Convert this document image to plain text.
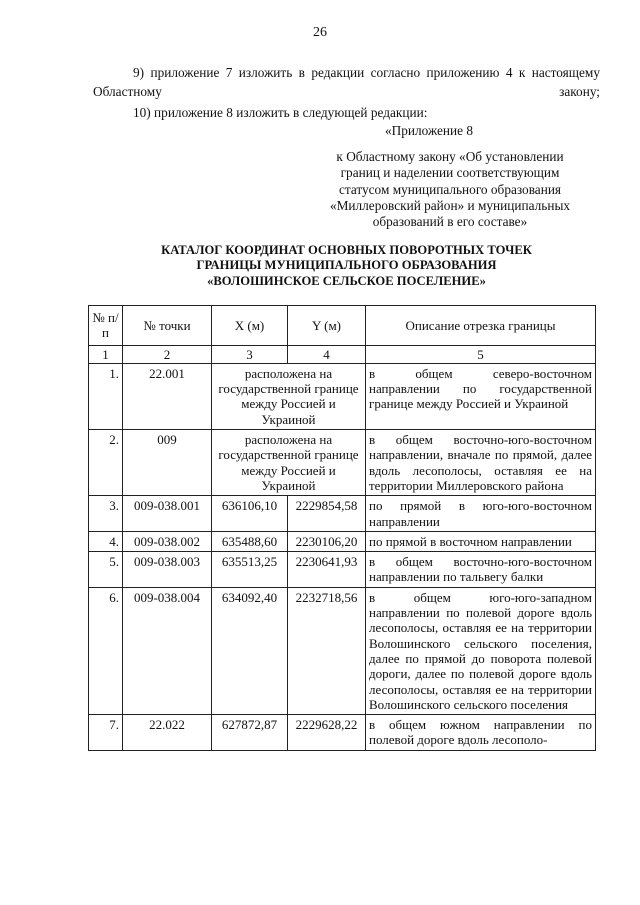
26

9) приложение 7 изложить в редакции согласно приложению 4 к настоящему Областному закону;

10) приложение 8 изложить в следующей редакции:

«Приложение 8
к Областному закону «Об установлении
границ и наделении соответствующим
статусом муниципального образования
«Миллеровский район» и муниципальных
образований в его составе»
КАТАЛОГ КООРДИНАТ ОСНОВНЫХ ПОВОРОТНЫХ ТОЧЕК
ГРАНИЦЫ МУНИЦИПАЛЬНОГО ОБРАЗОВАНИЯ
«ВОЛОШИНСКОЕ СЕЛЬСКОЕ ПОСЕЛЕНИЕ»
№ п/п	№ точки	X (м)	Y (м)	Описание отрезка границы
1	2	3	4	5
1.	22.001	расположена на государственной границе между Россией и Украиной		в общем северо-восточном направлении по государственной границе между Россией и Украиной
2.	009	расположена на государственной границе между Россией и Украиной		в общем восточно-юго-восточном направлении, вначале по прямой, далее вдоль лесополосы, оставляя ее на территории Миллеровского района
3.	009-038.001	636106,10	2229854,58	по прямой в юго-юго-восточном направлении
4.	009-038.002	635488,60	2230106,20	по прямой в восточном направлении
5.	009-038.003	635513,25	2230641,93	в общем восточно-юго-восточном направлении по тальвегу балки
6.	009-038.004	634092,40	2232718,56	в общем юго-юго-западном направлении по полевой дороге вдоль лесополосы, оставляя ее на территории Волошинского сельского поселения, далее по прямой до поворота полевой дороги, далее по полевой дороге вдоль лесополосы, оставляя ее на территории Волошинского сельского поселения
7.	22.022	627872,87	2229628,22	в общем южном направлении по полевой дороге вдоль лесополо-
